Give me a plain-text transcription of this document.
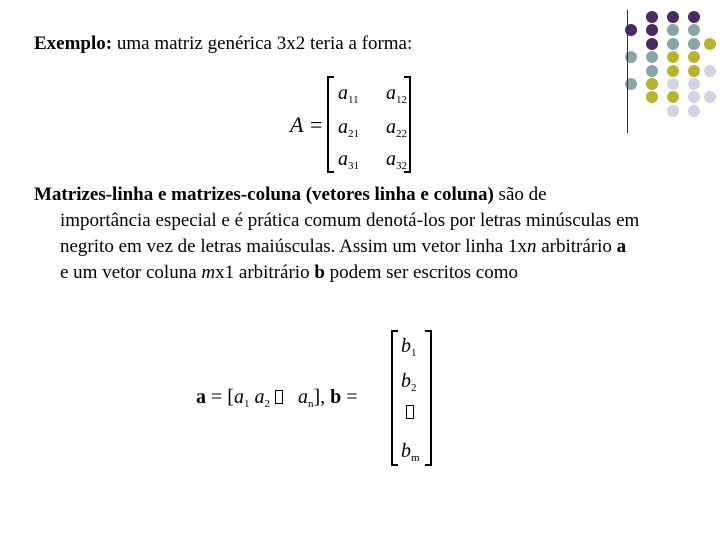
Exemplo: uma matriz genérica 3x2 teria a forma:
A =
$a_{11}$ $a_{12}$
$a_{21}$ $a_{22}$
$a_{31}$ $a_{32}$
Matrizes-linha e matrizes-coluna (vetores linha e coluna) são de
importância especial e é prática comum denotá-los por letras minúsculas em
negrito em vez de letras maiúsculas. Assim um vetor linha 1xn arbitrário a
e um vetor coluna mx1 arbitrário b podem ser escritos como
$a = [a_1$ $a_2$ $a_n$], b =
$b_1$
$b_2$
$b_m$
